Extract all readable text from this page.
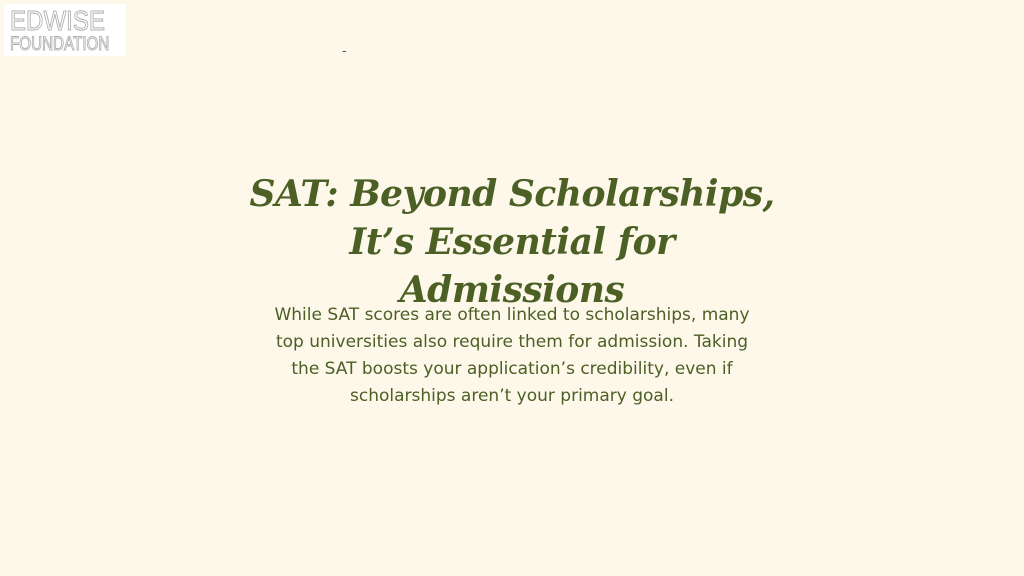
EDWISE
FOUNDATION	-
SAT: Beyond Scholarships, It’s Essential for Admissions

While SAT scores are often linked to scholarships, many top universities also require them for admission. Taking the SAT boosts your application’s credibility, even if scholarships aren’t your primary goal.
